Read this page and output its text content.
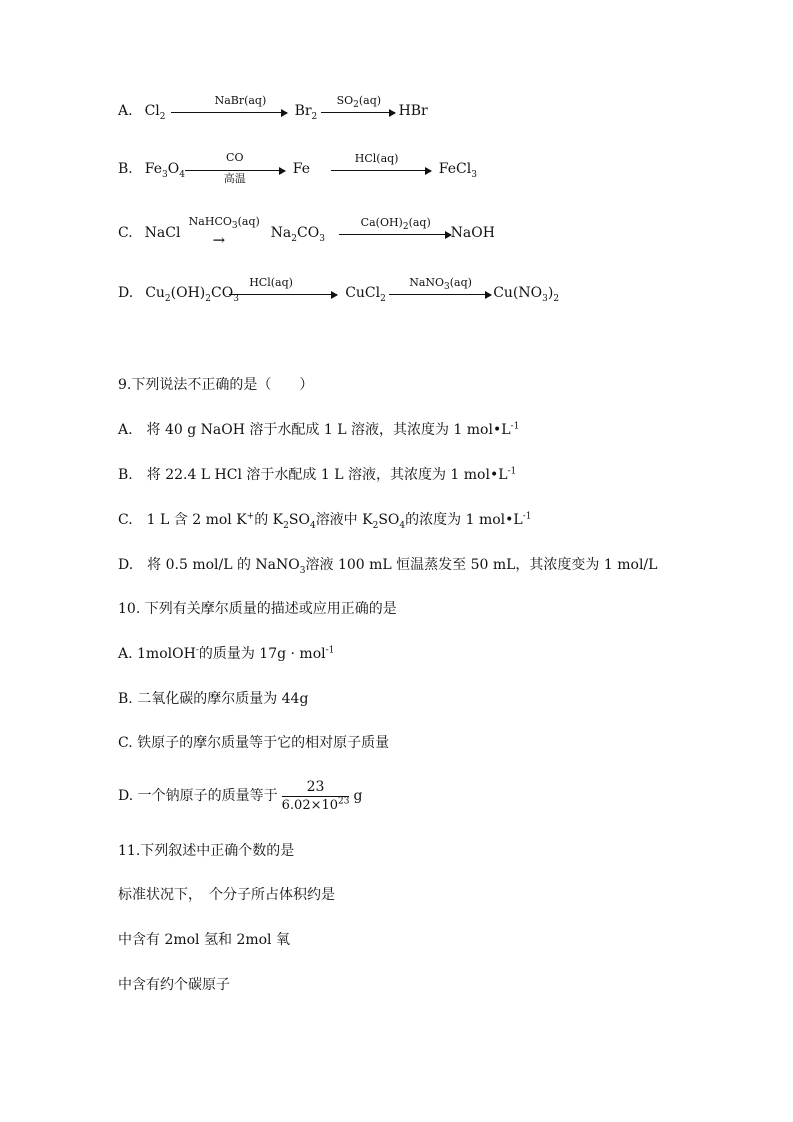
A. $Cl_2$
NaBr(aq)
$Br_2$
$SO_2(aq)$
HBr
B. $Fe_3O_4$
CO
高温
Fe
HCl(aq)
FeCl$_3$
C. NaCl
NaHCO$_3$(aq)
→	$Na_2CO_3$
$Ca(OH)_2(aq)$
NaOH
D. $Cu_2(OH)_2CO_3$
HCl(aq)
CuCl$_2$
NaNO$_3$(aq)
$Cu(NO_3)_2$
9.下列说法不正确的是（　　）
A.　将 40 g NaOH 溶于水配成 1 L 溶液，其浓度为 1 $mol•L^{-1}$
B.　将 22.4 L HCl 溶于水配成 1 L 溶液，其浓度为 1 $mol•L^{-1}$
C.　1 L 含 2 mol K+的 $K_2SO_4$溶液中 $K_2SO_4$的浓度为 1 $mol•L^{-1}$
D.　将 0.5 mol/L 的 NaNO$_3$溶液 100 mL 恒温蒸发至 50 mL，其浓度变为 1 mol/L
10. 下列有关摩尔质量的描述或应用正确的是
A. 1molOH-的质量为 17g · mol$^{-1}$
B. 二氧化碳的摩尔质量为 44g
C. 铁原子的摩尔质量等于它的相对原子质量
D. 一个钠原子的质量等于 $\frac{23}{6.02\times 10^{23}}$ g
11.下列叙述中正确个数的是
标准状况下，　个分子所占体积约是
中含有 2mol 氢和 2mol 氧
中含有约个碳原子
